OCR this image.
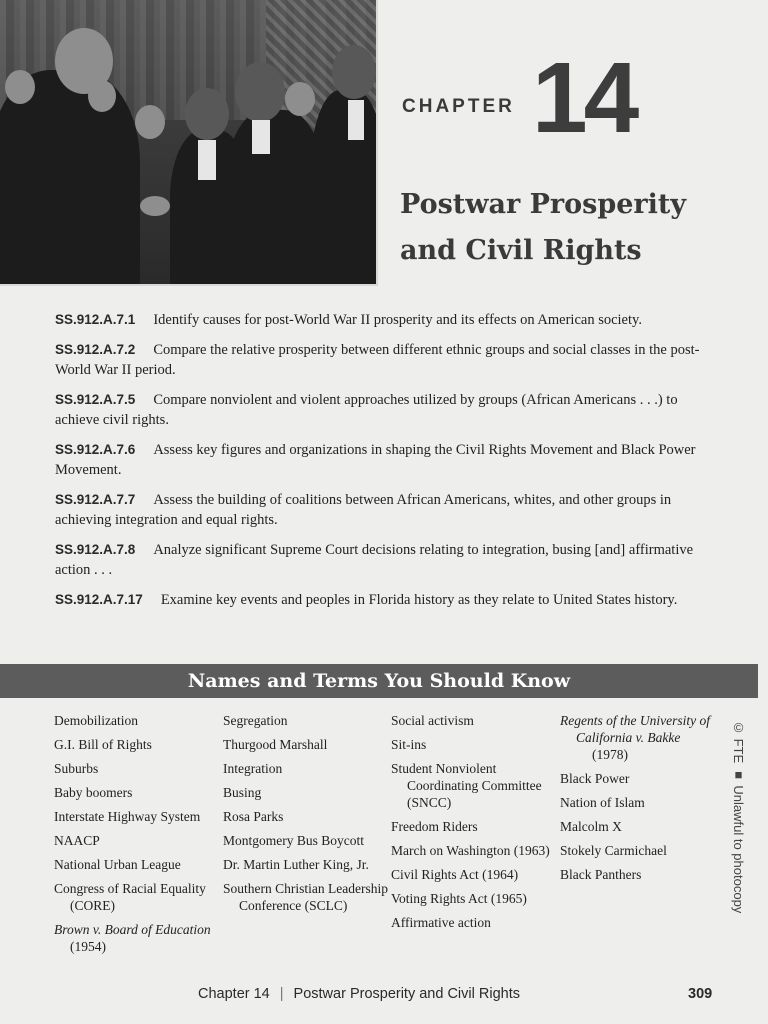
CHAPTER 14
Postwar Prosperity
and Civil Rights

SS.912.A.7.1 Identify causes for post-World War II prosperity and its effects on American society.

SS.912.A.7.2 Compare the relative prosperity between different ethnic groups and social classes in the post-World War II period.

SS.912.A.7.5 Compare nonviolent and violent approaches utilized by groups (African Americans . . .) to achieve civil rights.

SS.912.A.7.6 Assess key figures and organizations in shaping the Civil Rights Movement and Black Power Movement.

SS.912.A.7.7 Assess the building of coalitions between African Americans, whites, and other groups in achieving integration and equal rights.

SS.912.A.7.8 Analyze significant Supreme Court decisions relating to integration, busing [and] affirmative action . . .

SS.912.A.7.17 Examine key events and peoples in Florida history as they relate to United States history.

Names and Terms You Should Know
Demobilization
G.I. Bill of Rights
Suburbs
Baby boomers
Interstate Highway System
NAACP
National Urban League
Congress of Racial Equality (CORE)
Brown v. Board of Education (1954)
Segregation
Thurgood Marshall
Integration
Busing
Rosa Parks
Montgomery Bus Boycott
Dr. Martin Luther King, Jr.
Southern Christian Leadership Conference (SCLC)
Social activism
Sit-ins
Student Nonviolent Coordinating Committee (SNCC)
Freedom Riders
March on Washington (1963)
Civil Rights Act (1964)
Voting Rights Act (1965)
Affirmative action
Regents of the University of California v. Bakke
(1978)
Black Power
Nation of Islam
Malcolm X
Stokely Carmichael
Black Panthers	© FTE ■ Unlawful to photocopy
Chapter 14 | Postwar Prosperity and Civil Rights	309
